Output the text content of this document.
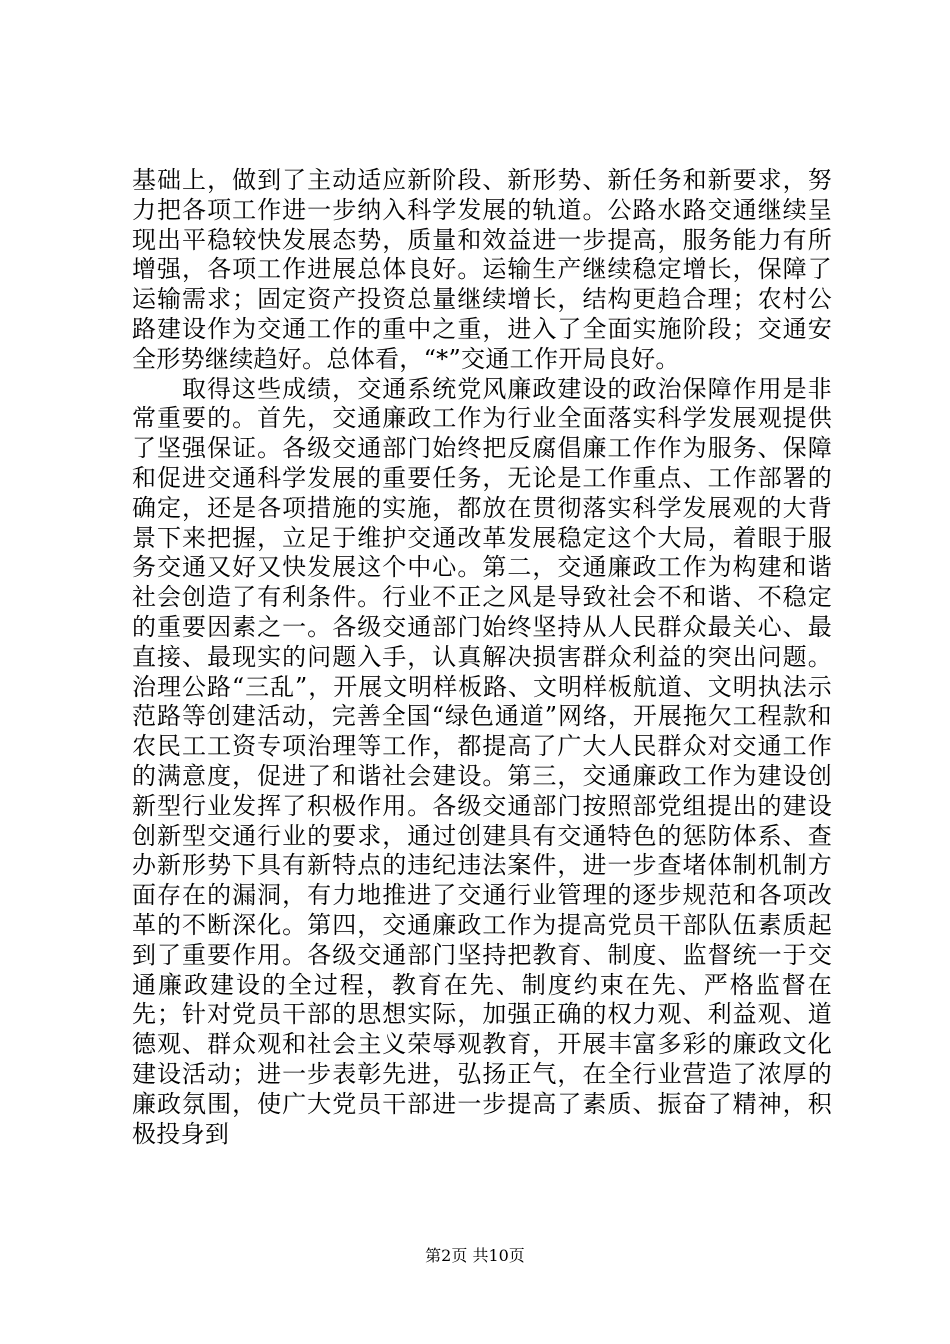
基础上，做到了主动适应新阶段、新形势、新任务和新要求，努力把各项工作进一步纳入科学发展的轨道。公路水路交通继续呈现出平稳较快发展态势，质量和效益进一步提高，服务能力有所增强，各项工作进展总体良好。运输生产继续稳定增长，保障了运输需求；固定资产投资总量继续增长，结构更趋合理；农村公路建设作为交通工作的重中之重，进入了全面实施阶段；交通安全形势继续趋好。总体看，“*”交通工作开局良好。

取得这些成绩，交通系统党风廉政建设的政治保障作用是非常重要的。首先，交通廉政工作为行业全面落实科学发展观提供了坚强保证。各级交通部门始终把反腐倡廉工作作为服务、保障和促进交通科学发展的重要任务，无论是工作重点、工作部署的确定，还是各项措施的实施，都放在贯彻落实科学发展观的大背景下来把握，立足于维护交通改革发展稳定这个大局，着眼于服务交通又好又快发展这个中心。第二，交通廉政工作为构建和谐社会创造了有利条件。行业不正之风是导致社会不和谐、不稳定的重要因素之一。各级交通部门始终坚持从人民群众最关心、最直接、最现实的问题入手，认真解决损害群众利益的突出问题。治理公路“三乱”，开展文明样板路、文明样板航道、文明执法示范路等创建活动，完善全国“绿色通道”网络，开展拖欠工程款和农民工工资专项治理等工作，都提高了广大人民群众对交通工作的满意度，促进了和谐社会建设。第三，交通廉政工作为建设创新型行业发挥了积极作用。各级交通部门按照部党组提出的建设创新型交通行业的要求，通过创建具有交通特色的惩防体系、查办新形势下具有新特点的违纪违法案件，进一步查堵体制机制方面存在的漏洞，有力地推进了交通行业管理的逐步规范和各项改革的不断深化。第四，交通廉政工作为提高党员干部队伍素质起到了重要作用。各级交通部门坚持把教育、制度、监督统一于交通廉政建设的全过程，教育在先、制度约束在先、严格监督在先；针对党员干部的思想实际，加强正确的权力观、利益观、道德观、群众观和社会主义荣辱观教育，开展丰富多彩的廉政文化建设活动；进一步表彰先进，弘扬正气，在全行业营造了浓厚的廉政氛围，使广大党员干部进一步提高了素质、振奋了精神，积极投身到

第2页 共10页
